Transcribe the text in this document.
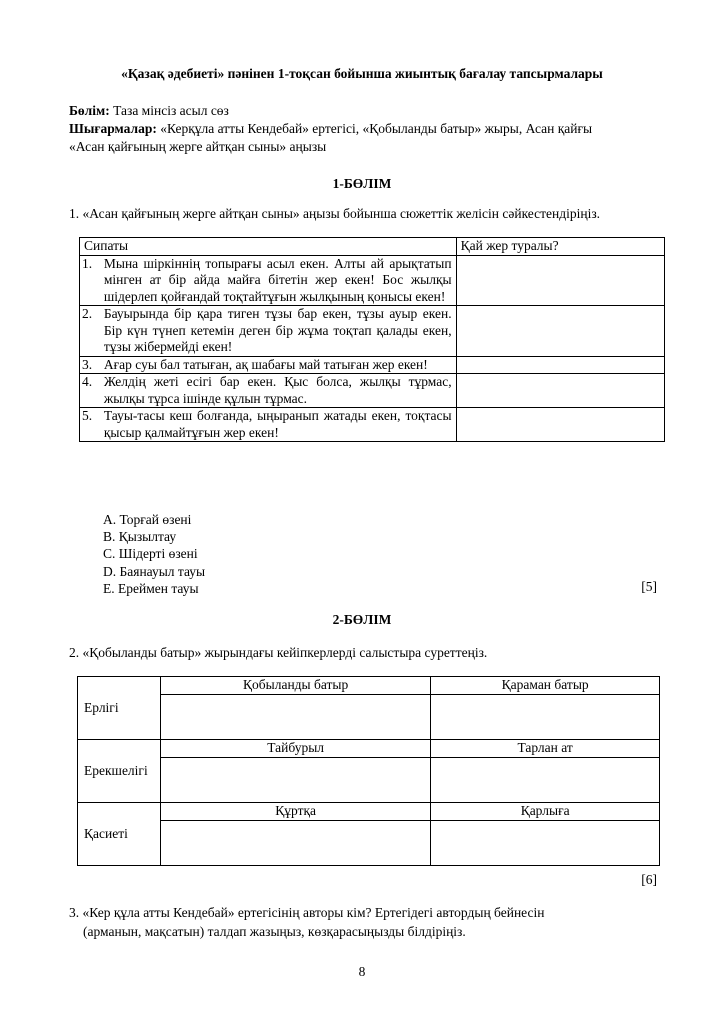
«Қазақ әдебиеті» пәнінен 1-тоқсан бойынша жиынтық бағалау тапсырмалары
Бөлім: Таза мінсіз асыл сөз
Шығармалар: «Керқұла атты Кендебай» ертегісі, «Қобыланды батыр» жыры, Асан қайғы
«Асан қайғының жерге айтқан сыны» аңызы
1-БӨЛІМ
1. «Асан қайғының жерге айтқан сыны» аңызы бойынша сюжеттік желісін сәйкестендіріңіз.
Сипаты		Қай жер туралы?
1.	Мына шіркіннің топырағы асыл екен. Алты ай арықтатып мінген ат бір айда майға бітетін жер екен! Бос жылқы шідерлеп қойғандай тоқтайтұғын жылқының қонысы екен!	
2.	Бауырында бір қара тиген тұзы бар екен, тұзы ауыр екен. Бір күн түнеп кетемін деген бір жұма тоқтап қалады екен, тұзы жібермейді екен!	
3.	Ағар суы бал татыған, ақ шабағы май татыған жер екен!	
4.	Желдің жеті есігі бар екен. Қыс болса, жылқы тұрмас, жылқы тұрса ішінде құлын тұрмас.	
5.	Тауы-тасы кеш болғанда, ыңыранып жатады екен, тоқтасы қысыр қалмайтұғын жер екен!	
A. Торғай өзені
B. Қызылтау
C. Шідерті өзені
D. Баянауыл тауы
E. Ереймен тауы	[5]
2-БӨЛІМ
2. «Қобыланды батыр» жырындағы кейіпкерлерді салыстыра суреттеңіз.
Ерлігі	Қобыланды батыр	Қараман батыр

Ерекшелігі	Тайбурыл	Тарлан ат

Қасиеті	Құртқа	Қарлыға

[6]
3. «Кер құла атты Кендебай» ертегісінің авторы кім? Ертегідегі автордың бейнесін
(арманын, мақсатын) талдап жазыңыз, көзқарасыңызды білдіріңіз.
8
